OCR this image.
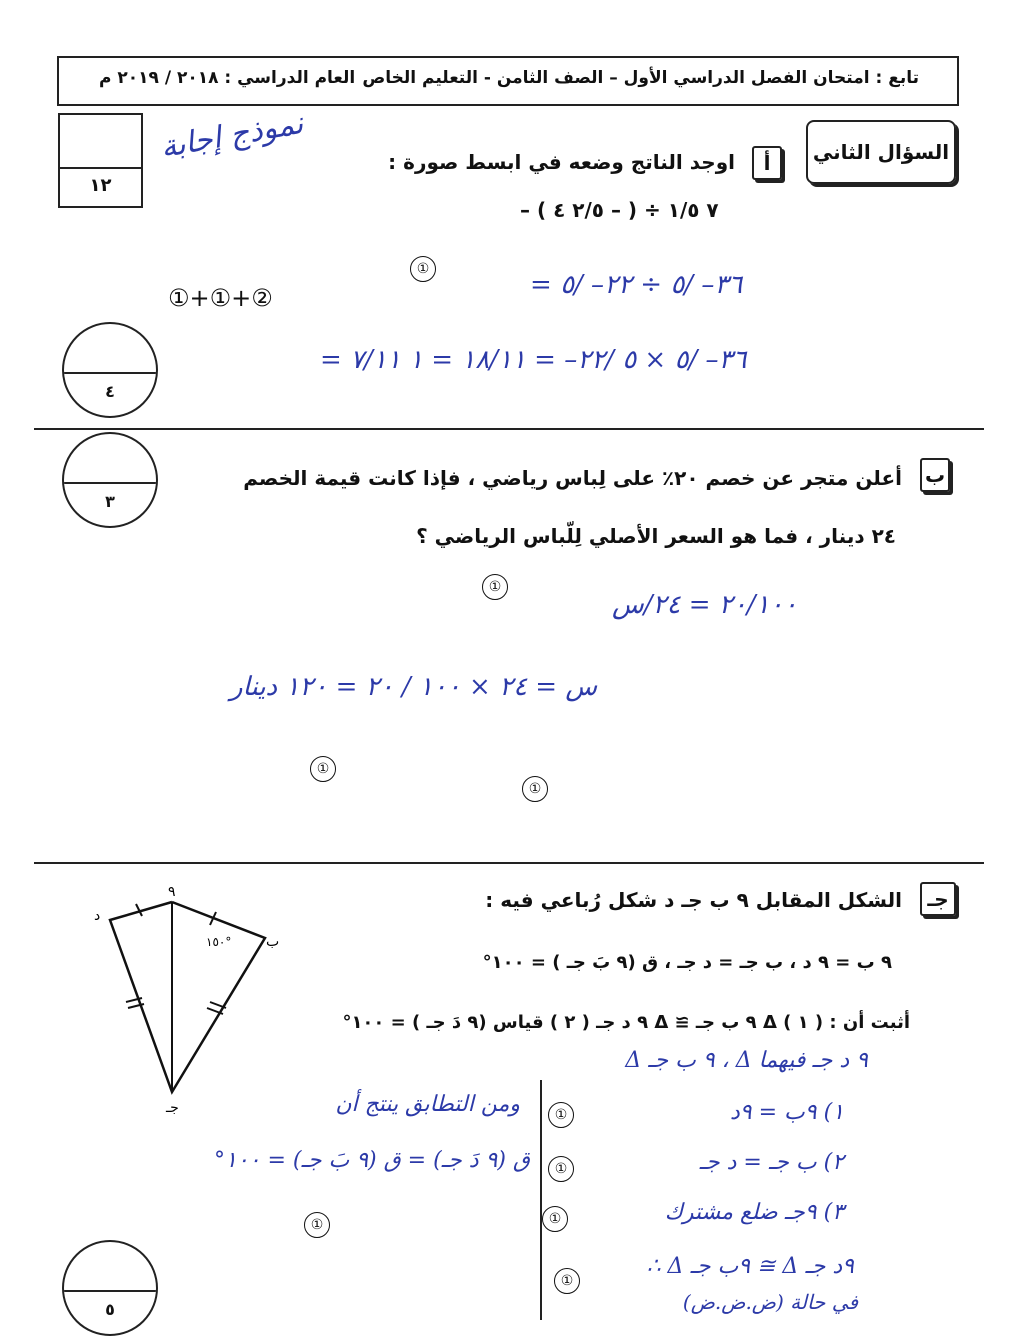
تابع : امتحان الفصل الدراسي الأول – الصف الثامن - التعليم الخاص
العام الدراسي : ٢٠١٨ / ٢٠١٩ م
١٢
نموذج إجابة	السؤال الثاني
أ
اوجد الناتج وضعه في ابسط صورة :
– ٧ ١/٥ ÷ ( – ٢/٥ ٤ )
①
①+①+②	= ٣٦– /٥ ÷ ٢٢– /٥
= ٣٦– /٥ × ٥ /٢٢– = ١٨/١١ = ١ ٧/١١
٤
٣
ب
أعلن متجر عن خصم ٢٠٪ على لِباس رياضي ، فإذا كانت قيمة الخصم
٢٤ دينار ، فما هو السعر الأصلي لِلّباس الرياضي ؟
٢٠/١٠٠ = ٢٤/س
س = ٢٤ × ١٠٠ / ٢٠ = ١٢٠ دينار
①
①
①
جـ
الشكل المقابل ٩ ب جـ د شكل رُباعي فيه :
٩ ب = ٩ د ، ب جـ = د جـ ، ق (٩ بَ جـ ) = ١٠٠°
أثبت أن : ( ١ ) Δ ٩ ب جـ ≅ Δ ٩ د جـ ( ٢ ) قياس (٩ دَ جـ ) = ١٠٠°
٩
ب
د
جـ
١٥٠°
Δ ٩ ب جـ ، Δ ٩ د جـ فيهما
١) ٩ب = ٩د
٢) ب جـ = د جـ
٣) ٩جـ ضلع مشترك
∴ Δ ٩ب جـ ≅ Δ ٩د جـ
في حالة (ض.ض.ض)
①
①
①
①
ومن التطابق ينتج أن
ق (٩ دَ جـ) = ق (٩ بَ جـ) = ١٠٠°
①
٥
